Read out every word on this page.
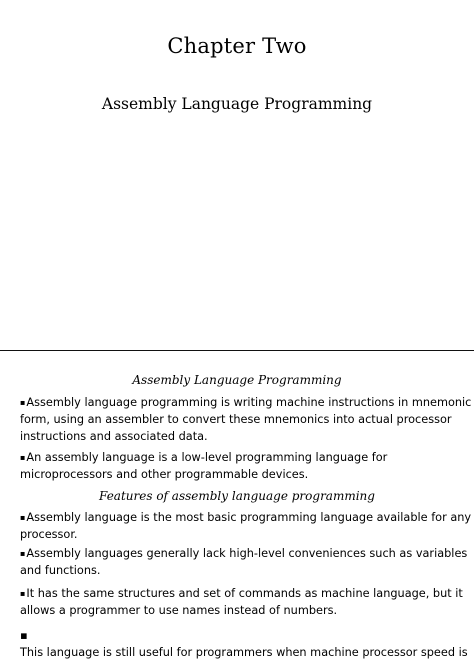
Chapter Two
Assembly Language Programming
Assembly Language Programming
▪Assembly language programming is writing machine instructions in mnemonic
form, using an assembler to convert these mnemonics into actual processor
instructions and associated data.
▪An assembly language is a low-level programming language for
microprocessors and other programmable devices.
Features of assembly language programming
▪Assembly language is the most basic programming language available for any
processor.
▪Assembly languages generally lack high-level conveniences such as variables
and functions.
▪It has the same structures and set of commands as machine language, but it
allows a programmer to use names instead of numbers.
▪
This language is still useful for programmers when machine processor speed is
